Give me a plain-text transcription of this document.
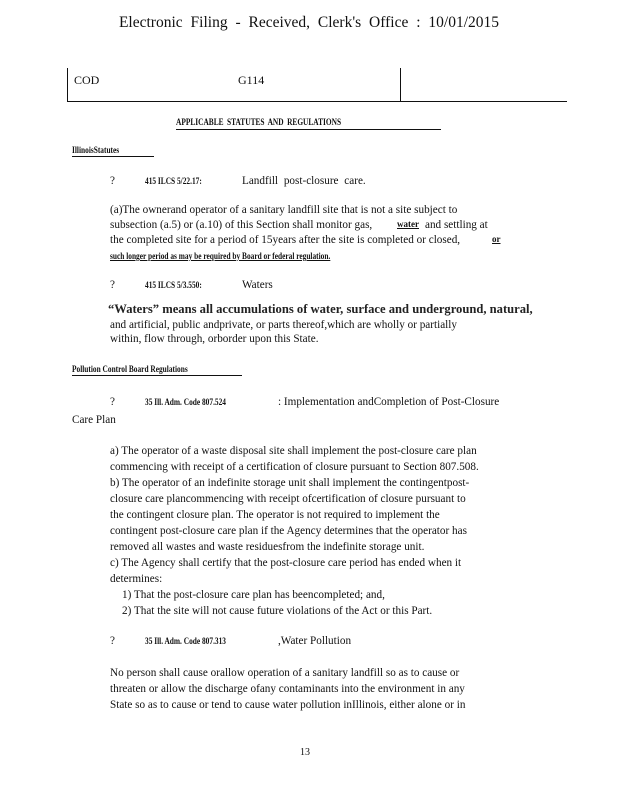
Electronic Filing - Received, Clerk's Office : 10/01/2015
COD	G114
APPLICABLE STATUTES AND REGULATIONS
IllinoisStatutes
?	415 ILCS 5/22.17:	Landfill post-closure care.
(a)The ownerand operator of a sanitary landfill site that is not a site subject to
subsection (a.5) or (a.10) of this Section shall monitor gas,	water and settling at
the completed site for a period of 15years after the site is completed or closed,	or
such longer period as may be required by Board or federal regulation.
?	415 ILCS 5/3.550:	Waters
“Waters” means all accumulations of water, surface and underground, natural,
and artificial, public andprivate, or parts thereof,which are wholly or partially
within, flow through, orborder upon this State.
Pollution Control Board Regulations
?	35 Ill. Adm. Code 807.524	: Implementation andCompletion of Post-Closure
Care Plan
a) The operator of a waste disposal site shall implement the post-closure care plan
commencing with receipt of a certification of closure pursuant to Section 807.508.
b) The operator of an indefinite storage unit shall implement the contingentpost-
closure care plancommencing with receipt ofcertification of closure pursuant to
the contingent closure plan. The operator is not required to implement the
contingent post-closure care plan if the Agency determines that the operator has
removed all wastes and waste residuesfrom the indefinite storage unit.
c) The Agency shall certify that the post-closure care period has ended when it
determines:
1) That the post-closure care plan has beencompleted; and,
2) That the site will not cause future violations of the Act or this Part.
?	35 Ill. Adm. Code 807.313	,Water Pollution
No person shall cause orallow operation of a sanitary landfill so as to cause or
threaten or allow the discharge ofany contaminants into the environment in any
State so as to cause or tend to cause water pollution inIllinois, either alone or in
13
